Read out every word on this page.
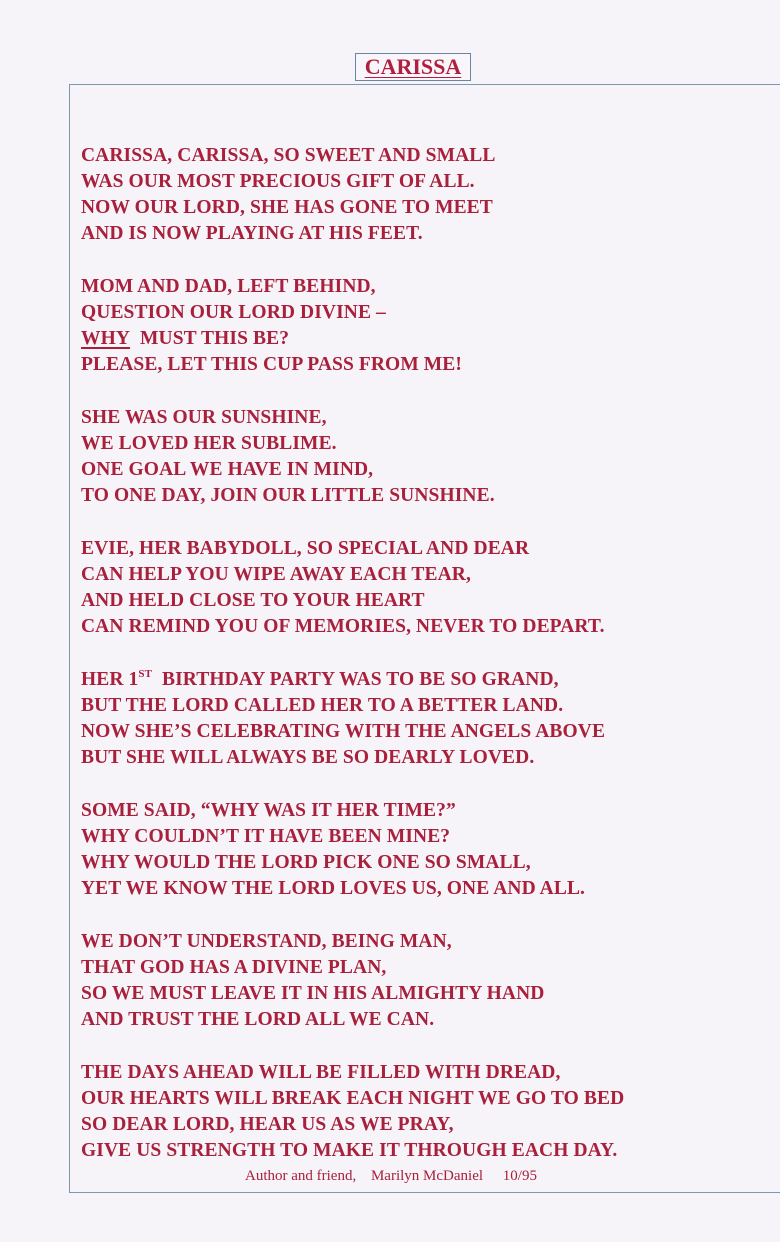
CARISSA
CARISSA, CARISSA, SO SWEET AND SMALL
WAS OUR MOST PRECIOUS GIFT OF ALL.
NOW OUR LORD, SHE HAS GONE TO MEET
AND IS NOW PLAYING AT HIS FEET.
MOM AND DAD, LEFT BEHIND,
QUESTION OUR LORD DIVINE –
WHY MUST THIS BE?
PLEASE, LET THIS CUP PASS FROM ME!
SHE WAS OUR SUNSHINE,
WE LOVED HER SUBLIME.
ONE GOAL WE HAVE IN MIND,
TO ONE DAY, JOIN OUR LITTLE SUNSHINE.
EVIE, HER BABYDOLL, SO SPECIAL AND DEAR
CAN HELP YOU WIPE AWAY EACH TEAR,
AND HELD CLOSE TO YOUR HEART
CAN REMIND YOU OF MEMORIES, NEVER TO DEPART.
HER 1ST BIRTHDAY PARTY WAS TO BE SO GRAND,
BUT THE LORD CALLED HER TO A BETTER LAND.
NOW SHE’S CELEBRATING WITH THE ANGELS ABOVE
BUT SHE WILL ALWAYS BE SO DEARLY LOVED.
SOME SAID, “WHY WAS IT HER TIME?”
WHY COULDN’T IT HAVE BEEN MINE?
WHY WOULD THE LORD PICK ONE SO SMALL,
YET WE KNOW THE LORD LOVES US, ONE AND ALL.
WE DON’T UNDERSTAND, BEING MAN,
THAT GOD HAS A DIVINE PLAN,
SO WE MUST LEAVE IT IN HIS ALMIGHTY HAND
AND TRUST THE LORD ALL WE CAN.
THE DAYS AHEAD WILL BE FILLED WITH DREAD,
OUR HEARTS WILL BREAK EACH NIGHT WE GO TO BED
SO DEAR LORD, HEAR US AS WE PRAY,
GIVE US STRENGTH TO MAKE IT THROUGH EACH DAY.
Author and friend, Marilyn McDaniel 10/95
